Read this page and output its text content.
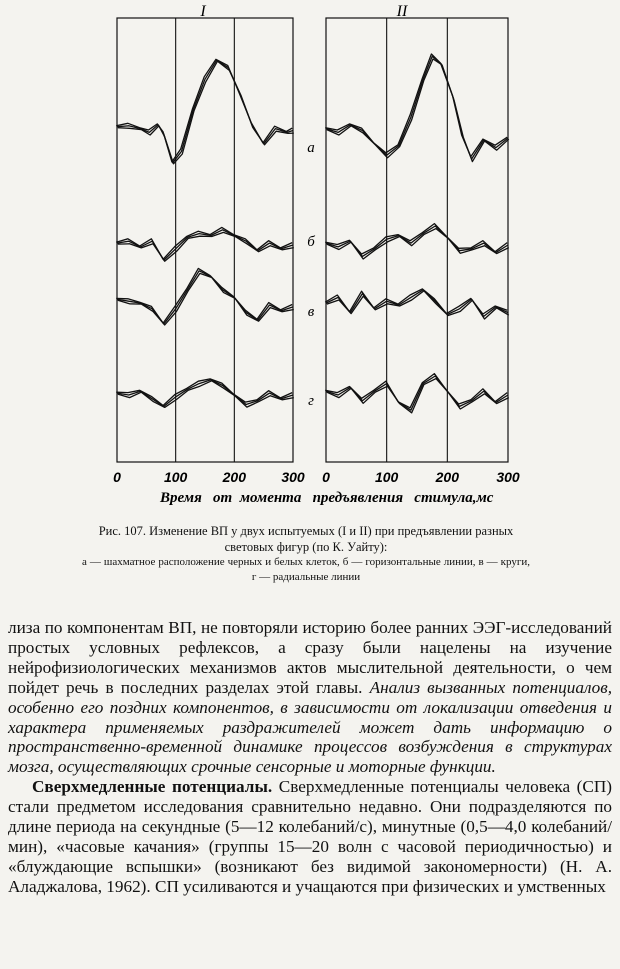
I
0	100	200	300
II
0	100	200	300
а
б
в
г
Время   от  момента   предъявления   стимула,мс
Рис. 107. Изменение ВП у двух испытуемых (I и II) при предъявлении разных световых фигур (по К. Уайту):
а — шахматное расположение черных и белых клеток, б — горизонтальные линии, в — круги, г — радиальные линии

лиза по компонентам ВП, не повторяли историю более ранних ЭЭГ-исследований простых условных рефлексов, а сразу были нацелены на изучение нейрофизиологических механизмов актов мыслительной деятельности, о чем пойдет речь в последних разделах этой главы. Анализ вызванных потенциалов, особенно его поздних компонентов, в зависимости от локализации отведения и характера применяемых раздражителей может дать информацию о пространственно-временной динамике процессов возбуждения в структурах мозга, осуществляющих срочные сенсорные и моторные функции.

Сверхмедленные потенциалы. Сверхмедленные потенциалы человека (СП) стали предметом исследования сравнительно недавно. Они подразделяются по длине периода на секундные (5—12 колебаний/с), минутные (0,5—4,0 колебаний/мин), «часовые качания» (группы 15—20 волн с часовой периодичностью) и «блуждающие вспышки» (возникают без видимой закономерности) (Н. А. Аладжалова, 1962). СП усиливаются и учащаются при физических и умственных
